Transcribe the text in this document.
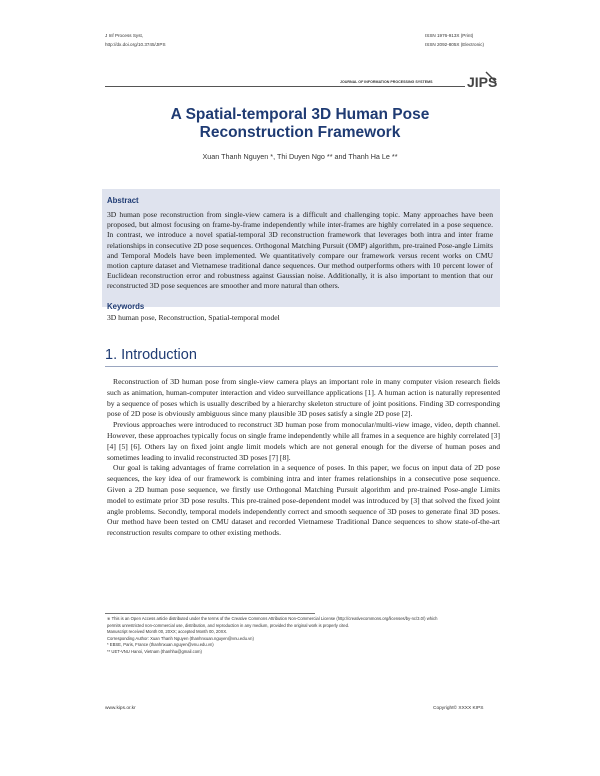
J Inf Process Syst,
http://dx.doi.org/10.3745/JIPS
ISSN 1976-913X (Print)
ISSN 2092-805X (Electronic)
JOURNAL OF INFORMATION PROCESSING SYSTEMS JIPS
A Spatial-temporal 3D Human Pose
Reconstruction Framework
Xuan Thanh Nguyen *, Thi Duyen Ngo ** and Thanh Ha Le **
Abstract
3D human pose reconstruction from single-view camera is a difficult and challenging topic. Many approaches have been proposed, but almost focusing on frame-by-frame independently while inter-frames are highly correlated in a pose sequence. In contrast, we introduce a novel spatial-temporal 3D reconstruction framework that leverages both intra and inter frame relationships in consecutive 2D pose sequences. Orthogonal Matching Pursuit (OMP) algorithm, pre-trained Pose-angle Limits and Temporal Models have been implemented. We quantitatively compare our framework versus recent works on CMU motion capture dataset and Vietnamese traditional dance sequences. Our method outperforms others with 10 percent lower of Euclidean reconstruction error and robustness against Gaussian noise. Additionally, it is also important to mention that our reconstructed 3D pose sequences are smoother and more natural than others.
Keywords
3D human pose, Reconstruction, Spatial-temporal model
1. Introduction

Reconstruction of 3D human pose from single-view camera plays an important role in many computer vision research fields such as animation, human-computer interaction and video surveillance applications [1]. A human action is naturally represented by a sequence of poses which is usually described by a hierarchy skeleton structure of joint positions. Finding 3D corresponding pose of 2D pose is obviously ambiguous since many plausible 3D poses satisfy a single 2D pose [2].

Previous approaches were introduced to reconstruct 3D human pose from monocular/multi-view image, video, depth channel. However, these approaches typically focus on single frame independently while all frames in a sequence are highly correlated [3] [4] [5] [6]. Others lay on fixed joint angle limit models which are not general enough for the diverse of human poses and sometimes leading to invalid reconstructed 3D poses [7] [8].

Our goal is taking advantages of frame correlation in a sequence of poses. In this paper, we focus on input data of 2D pose sequences, the key idea of our framework is combining intra and inter frames relationships in a consecutive pose sequence. Given a 2D human pose sequence, we firstly use Orthogonal Matching Pursuit algorithm and pre-trained Pose-angle Limits model to estimate prior 3D pose results. This pre-trained pose-dependent model was introduced by [3] that solved the fixed joint angle problems. Secondly, temporal models independently correct and smooth sequence of 3D poses to generate final 3D poses. Our method have been tested on CMU dataset and recorded Vietnamese Traditional Dance sequences to show state-of-the-art reconstruction results compare to other existing methods.

※ This is an Open Access article distributed under the terms of the Creative Commons Attribution Non-Commercial License (http://creativecommons.org/licenses/by-nc/3.0/) which
permits unrestricted non-commercial use, distribution, and reproduction in any medium, provided the original work is properly cited.
Manuscript received Month 00, 20XX; accepted Month 00, 20XX.
Corresponding Author: Xuan Thanh Nguyen (thanhnxuan.nguyen@vnu.edu.vn)
* EBSE, Paris, France (thanhnxuan.nguyen@vnu.edu.vn)
** UET-VNU Hanoi, Vietnam (thanhha@gmail.com)
www.kips.or.kr	Copyright© XXXX KIPS
